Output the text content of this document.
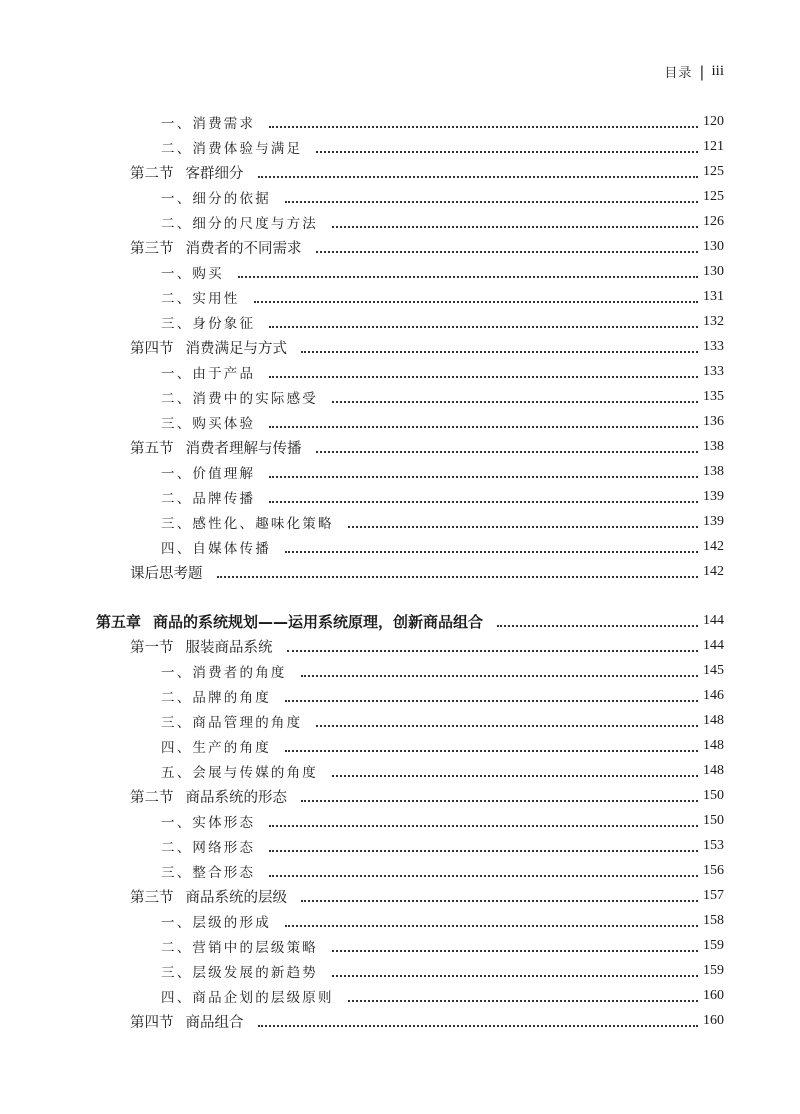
目录 | iii
一、消费需求	120
二、消费体验与满足	121
第二节 客群细分	125
一、细分的依据	125
二、细分的尺度与方法	126
第三节 消费者的不同需求	130
一、购买	130
二、实用性	131
三、身份象征	132
第四节 消费满足与方式	133
一、由于产品	133
二、消费中的实际感受	135
三、购买体验	136
第五节 消费者理解与传播	138
一、价值理解	138
二、品牌传播	139
三、感性化、趣味化策略	139
四、自媒体传播	142
课后思考题	142
第五章 商品的系统规划——运用系统原理，创新商品组合	144
第一节 服装商品系统	144
一、消费者的角度	145
二、品牌的角度	146
三、商品管理的角度	148
四、生产的角度	148
五、会展与传媒的角度	148
第二节 商品系统的形态	150
一、实体形态	150
二、网络形态	153
三、整合形态	156
第三节 商品系统的层级	157
一、层级的形成	158
二、营销中的层级策略	159
三、层级发展的新趋势	159
四、商品企划的层级原则	160
第四节 商品组合	160
